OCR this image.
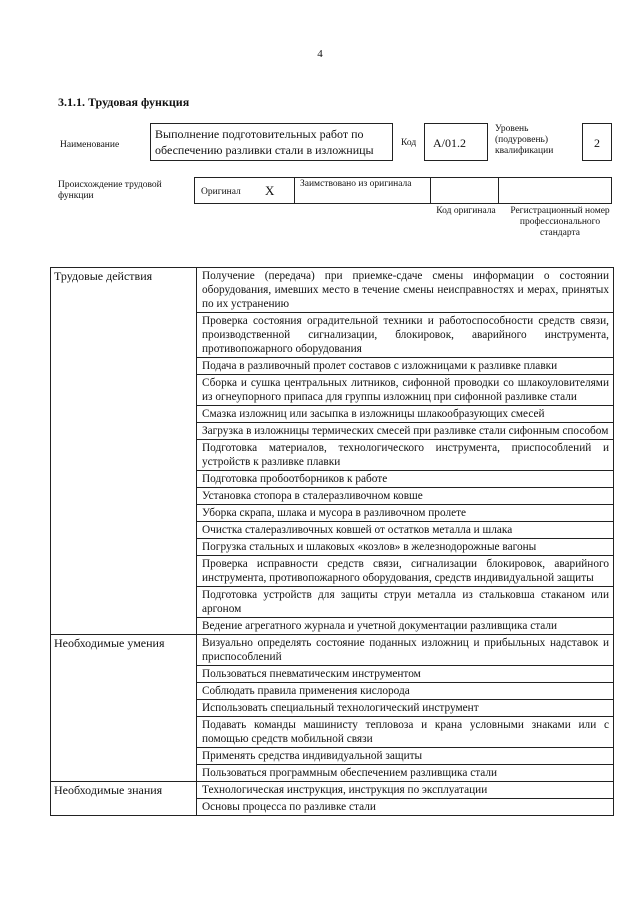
4
3.1.1. Трудовая функция
Наименование
Выполнение подготовительных работ по обеспечению разливки стали в изложницы	Код	А/01.2
Уровень (подуровень) квалификации
2
Происхождение трудовой функции	Оригинал X	Заимствовано из оригинала
Код оригинала	Регистрационный номер профессионального стандарта
Трудовые действия	Получение (передача) при приемке-сдаче смены информации о состоянии оборудования, имевших место в течение смены неисправностях и мерах, принятых по их устранению
	Проверка состояния оградительной техники и работоспособности средств связи, производственной сигнализации, блокировок, аварийного инструмента, противопожарного оборудования
	Подача в разливочный пролет составов с изложницами к разливке плавки
	Сборка и сушка центральных литников, сифонной проводки со шлакоуловителями из огнеупорного припаса для группы изложниц при сифонной разливке стали
	Смазка изложниц или засыпка в изложницы шлакообразующих смесей
	Загрузка в изложницы термических смесей при разливке стали сифонным способом
	Подготовка материалов, технологического инструмента, приспособлений и устройств к разливке плавки
	Подготовка пробоотборников к работе
	Установка стопора в сталеразливочном ковше
	Уборка скрапа, шлака и мусора в разливочном пролете
	Очистка сталеразливочных ковшей от остатков металла и шлака
	Погрузка стальных и шлаковых «козлов» в железнодорожные вагоны
	Проверка исправности средств связи, сигнализации блокировок, аварийного инструмента, противопожарного оборудования, средств индивидуальной защиты
	Подготовка устройств для защиты струи металла из стальковша стаканом или аргоном
	Ведение агрегатного журнала и учетной документации разливщика стали
Необходимые умения	Визуально определять состояние поданных изложниц и прибыльных надставок и приспособлений
	Пользоваться пневматическим инструментом
	Соблюдать правила применения кислорода
	Использовать специальный технологический инструмент
	Подавать команды машинисту тепловоза и крана условными знаками или с помощью средств мобильной связи
	Применять средства индивидуальной защиты
	Пользоваться программным обеспечением разливщика стали
Необходимые знания	Технологическая инструкция, инструкция по эксплуатации
	Основы процесса по разливке стали
